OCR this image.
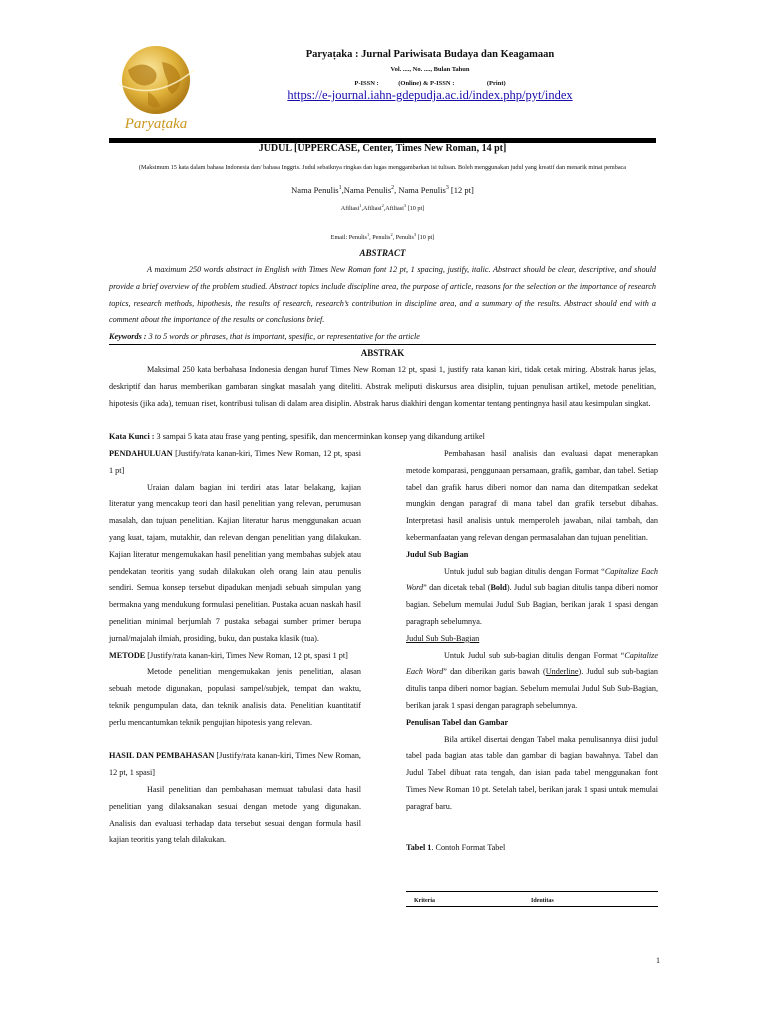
Paryaṭaka
Paryaṭaka : Jurnal Pariwisata Budaya dan Keagamaan
Vol. ...., No. ...., Bulan Tahun
P-ISSN :            (Online) & P-ISSN :                    (Print)
https://e-journal.iahn-gdepudja.ac.id/index.php/pyt/index
JUDUL [UPPERCASE, Center, Times New Roman, 14 pt]
(Maksimum 15 kata dalam bahasa Indonesia dan/ bahasa Inggris. Judul sebaiknya ringkas dan lugas menggambarkan isi tulisan. Boleh menggunakan judul yang kreatif dan menarik minat pembaca
Nama Penulis$^1$,Nama Penulis$^2$, Nama Penulis$^3$ [12 pt]
Afiliasi$^1$,Afiliasi$^2$,Afiliasi$^3$ [10 pt]
Email: Penulis$^1$, Penulis$^2$, Penulis$^3$ [10 pt]
ABSTRACT
A maximum 250 words abstract in English with Times New Roman font 12 pt, 1 spacing, justify, italic. Abstract should be clear, descriptive, and should provide a brief overview of the problem studied. Abstract topics include discipline area, the purpose of article, reasons for the selection or the importance of research topics, research methods, hipothesis, the results of research, research’s contribution in discipline area, and a summary of the results. Abstract should end with a comment about the importance of the results or conclusions brief.
Keywords : 3 to 5 words or phrases, that is important, spesific, or representative for the article
ABSTRAK
Maksimal 250 kata berbahasa Indonesia dengan huruf Times New Roman 12 pt, spasi 1, justify rata kanan kiri, tidak cetak miring. Abstrak harus jelas, deskriptif dan harus memberikan gambaran singkat masalah yang diteliti. Abstrak meliputi diskursus area disiplin, tujuan penulisan artikel, metode penelitian, hipotesis (jika ada), temuan riset, kontribusi tulisan di dalam area disiplin. Abstrak harus diakhiri dengan komentar tentang pentingnya hasil atau kesimpulan singkat.
Kata Kunci : 3 sampai 5 kata atau frase yang penting, spesifik, dan mencerminkan konsep yang dikandung artikel

PENDAHULUAN [Justify/rata kanan-kiri, Times New Roman, 12 pt, spasi 1 pt]

Uraian dalam bagian ini terdiri atas latar belakang, kajian literatur yang mencakup teori dan hasil penelitian yang relevan, perumusan masalah, dan tujuan penelitian. Kajian literatur harus menggunakan acuan yang kuat, tajam, mutakhir, dan relevan dengan penelitian yang dilakukan. Kajian literatur mengemukakan hasil penelitian yang membahas subjek atau pendekatan teoritis yang sudah dilakukan oleh orang lain atau penulis sendiri. Semua konsep tersebut dipadukan menjadi sebuah simpulan yang bermakna yang mendukung formulasi penelitian. Pustaka acuan naskah hasil penelitian minimal berjumlah 7 pustaka sebagai sumber primer berupa jurnal/majalah ilmiah, prosiding, buku, dan pustaka klasik (tua).

METODE [Justify/rata kanan-kiri, Times New Roman, 12 pt, spasi 1 pt]

Metode penelitian mengemukakan jenis penelitian, alasan sebuah metode digunakan, populasi sampel/subjek, tempat dan waktu, teknik pengumpulan data, dan teknik analisis data. Penelitian kuantitatif perlu mencantumkan teknik pengujian hipotesis yang relevan.

HASIL DAN PEMBAHASAN [Justify/rata kanan-kiri, Times New Roman, 12 pt, 1 spasi]

Hasil penelitian dan pembahasan memuat tabulasi data hasil penelitian yang dilaksanakan sesuai dengan metode yang digunakan. Analisis dan evaluasi terhadap data tersebut sesuai dengan formula hasil kajian teoritis yang telah dilakukan.

Pembahasan hasil analisis dan evaluasi dapat menerapkan metode komparasi, penggunaan persamaan, grafik, gambar, dan tabel. Setiap tabel dan grafik harus diberi nomor dan nama dan ditempatkan sedekat mungkin dengan paragraf di mana tabel dan grafik tersebut dibahas. Interpretasi hasil analisis untuk memperoleh jawaban, nilai tambah, dan kebermanfaatan yang relevan dengan permasalahan dan tujuan penelitian.

Judul Sub Bagian

Untuk judul sub bagian ditulis dengan Format “Capitalize Each Word” dan dicetak tebal (Bold). Judul sub bagian ditulis tanpa diberi nomor bagian. Sebelum memulai Judul Sub Bagian, berikan jarak 1 spasi dengan paragraph sebelumnya.

Judul Sub Sub-Bagian

Untuk Judul sub sub-bagian ditulis dengan Format “Capitalize Each Word” dan diberikan garis bawah (Underline). Judul sub sub-bagian ditulis tanpa diberi nomor bagian. Sebelum memulai Judul Sub Sub-Bagian, berikan jarak 1 spasi dengan paragraph sebelumnya.

Penulisan Tabel dan Gambar

Bila artikel disertai dengan Tabel maka penulisannya diisi judul tabel pada bagian atas table dan gambar di bagian bawahnya. Tabel dan Judul Tabel dibuat rata tengah, dan isian pada tabel menggunakan font Times New Roman 10 pt. Setelah tabel, berikan jarak 1 spasi untuk memulai paragraf baru.

Tabel 1. Contoh Format Tabel

Kriteria	Identitas
1
